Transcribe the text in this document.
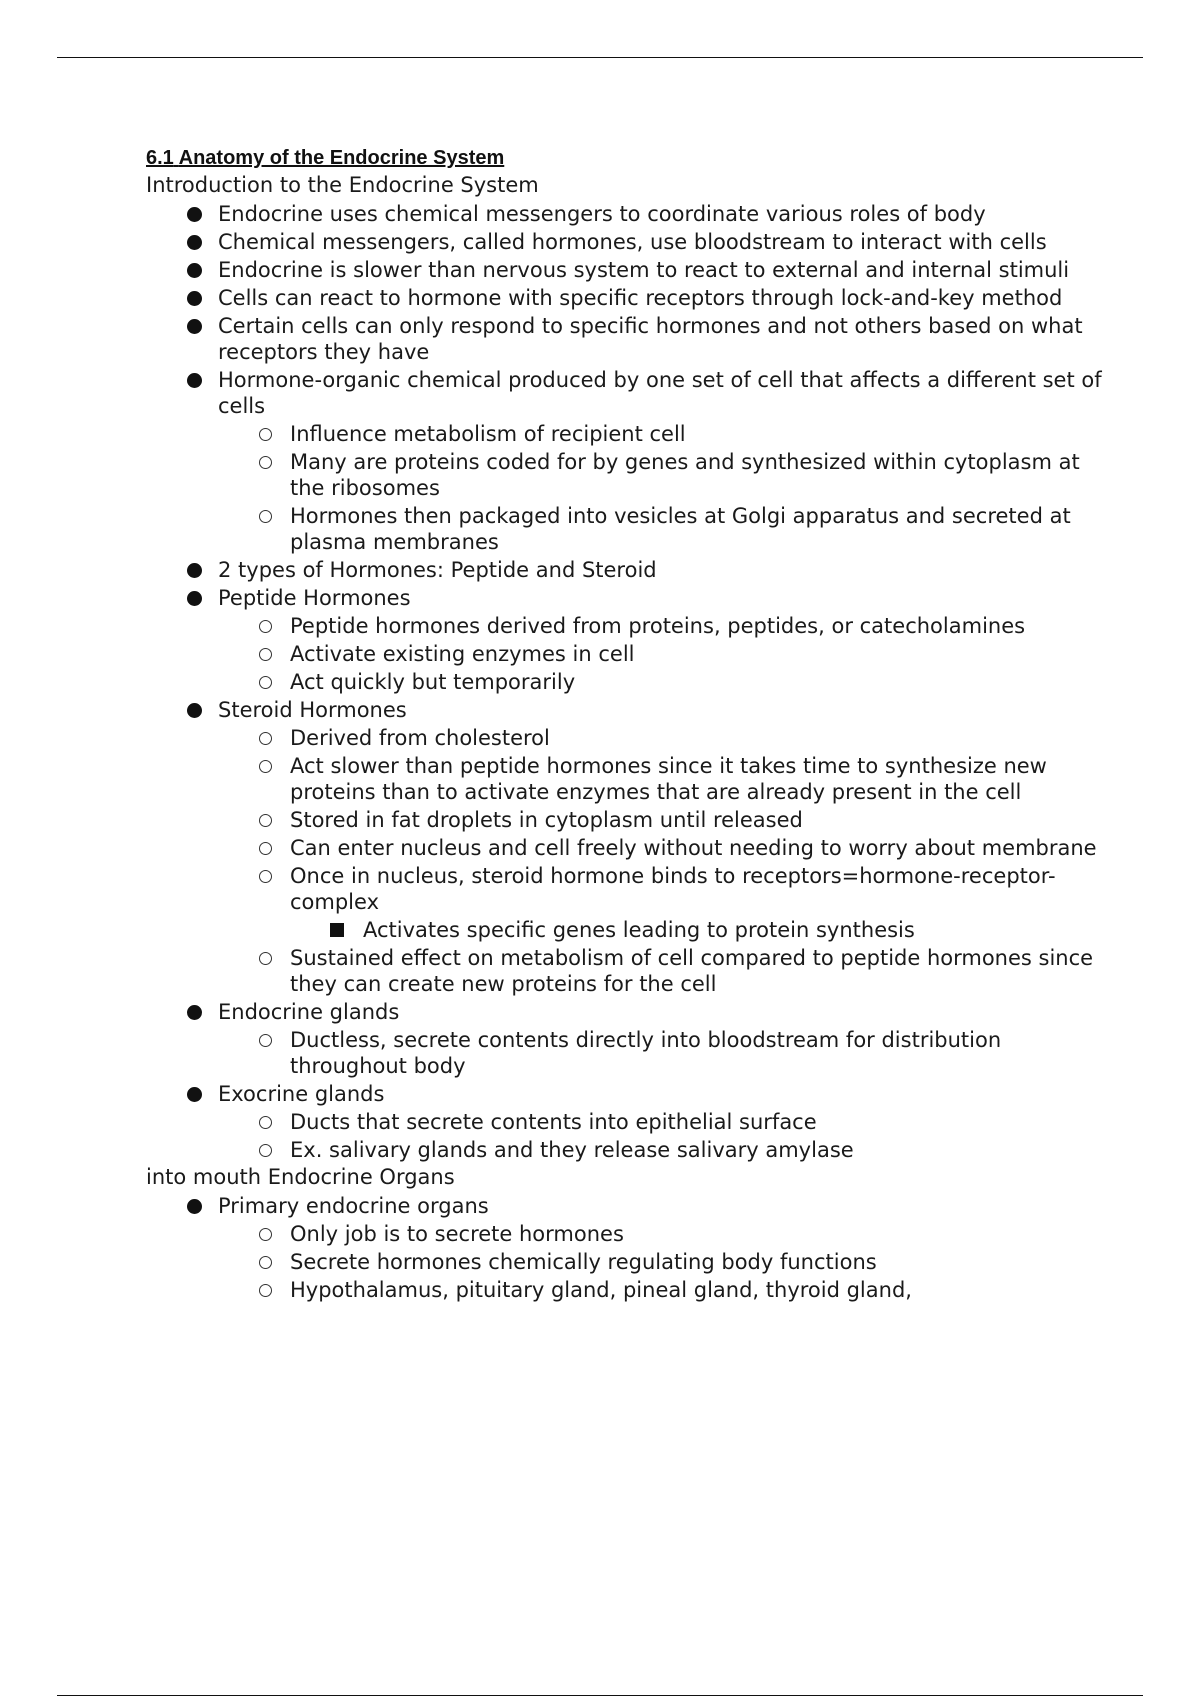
6.1 Anatomy of the Endocrine System
Introduction to the Endocrine System
Endocrine uses chemical messengers to coordinate various roles of body
Chemical messengers, called hormones, use bloodstream to interact with cells
Endocrine is slower than nervous system to react to external and internal stimuli
Cells can react to hormone with specific receptors through lock-and-key method
Certain cells can only respond to specific hormones and not others based on what receptors they have
Hormone-organic chemical produced by one set of cell that affects a different set of cells
Influence metabolism of recipient cell
Many are proteins coded for by genes and synthesized within cytoplasm at the ribosomes
Hormones then packaged into vesicles at Golgi apparatus and secreted at plasma membranes
2 types of Hormones: Peptide and Steroid
Peptide Hormones
Peptide hormones derived from proteins, peptides, or catecholamines
Activate existing enzymes in cell
Act quickly but temporarily
Steroid Hormones
Derived from cholesterol
Act slower than peptide hormones since it takes time to synthesize new proteins than to activate enzymes that are already present in the cell
Stored in fat droplets in cytoplasm until released
Can enter nucleus and cell freely without needing to worry about membrane
Once in nucleus, steroid hormone binds to receptors=hormone-receptor-complex
Activates specific genes leading to protein synthesis
Sustained effect on metabolism of cell compared to peptide hormones since they can create new proteins for the cell
Endocrine glands
Ductless, secrete contents directly into bloodstream for distribution throughout body
Exocrine glands
Ducts that secrete contents into epithelial surface
Ex. salivary glands and they release salivary amylase
into mouth Endocrine Organs
Primary endocrine organs
Only job is to secrete hormones
Secrete hormones chemically regulating body functions
Hypothalamus, pituitary gland, pineal gland, thyroid gland,
